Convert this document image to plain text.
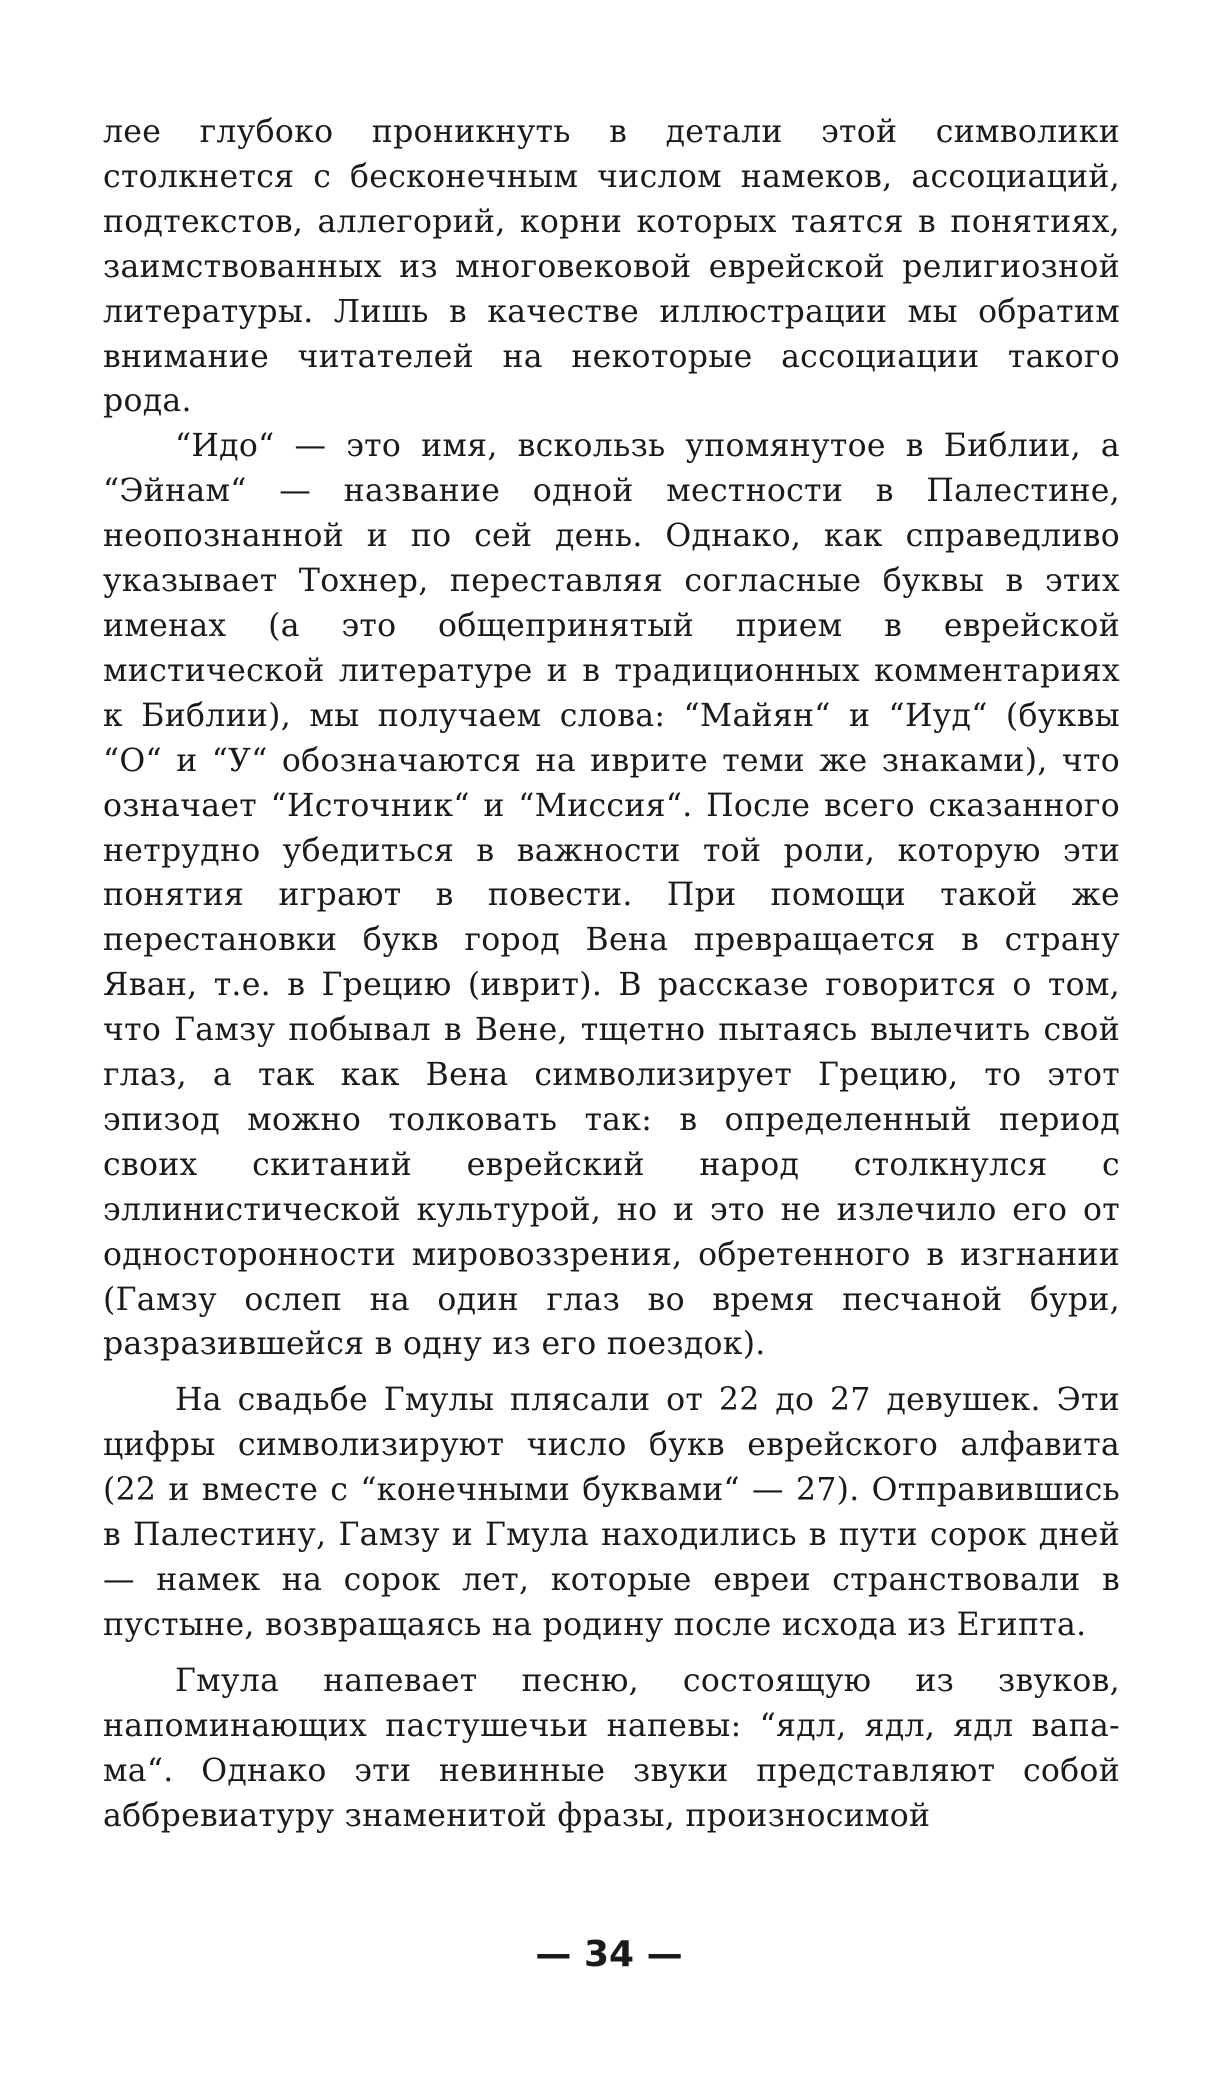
лее глубоко проникнуть в детали этой символики столкнется с бесконечным числом намеков, ассоциаций, подтекстов, аллегорий, корни которых таятся в понятиях, заимствованных из многовековой еврейской религиозной литературы. Лишь в качестве иллюстрации мы обратим внимание читателей на некоторые ассоциации такого рода.

“Идо“ — это имя, вскользь упомянутое в Библии, а “Эйнам“ — название одной местности в Палестине, неопознанной и по сей день. Однако, как справедливо указывает Тохнер, переставляя согласные буквы в этих именах (а это общепринятый прием в еврейской мистической литературе и в традиционных комментариях к Библии), мы получаем слова: “Майян“ и “Иуд“ (буквы “О“ и “У“ обозначаются на иврите теми же знаками), что означает “Источник“ и “Миссия“. После всего сказанного нетрудно убедиться в важности той роли, которую эти понятия играют в повести. При помощи такой же перестановки букв город Вена превращается в страну Яван, т.е. в Грецию (иврит). В рассказе говорится о том, что Гамзу побывал в Вене, тщетно пытаясь вылечить свой глаз, а так как Вена символизирует Грецию, то этот эпизод можно толковать так: в определенный период своих скитаний еврейский народ столкнулся с эллинистической культурой, но и это не излечило его от односторонности мировоззрения, обретенного в изгнании (Гамзу ослеп на один глаз во время песчаной бури, разразившейся в одну из его поездок).

На свадьбе Гмулы плясали от 22 до 27 девушек. Эти цифры символизируют число букв еврейского алфавита (22 и вместе с “конечными буквами“ — 27). Отправившись в Палестину, Гамзу и Гмула находились в пути сорок дней — намек на сорок лет, которые евреи странствовали в пустыне, возвращаясь на родину после исхода из Египта.

Гмула напевает песню, состоящую из звуков, напоминающих пастушечьи напевы: “ядл, ядл, ядл вапа-ма“. Однако эти невинные звуки представляют собой аббревиатуру знаменитой фразы, произносимой

— 34 —
